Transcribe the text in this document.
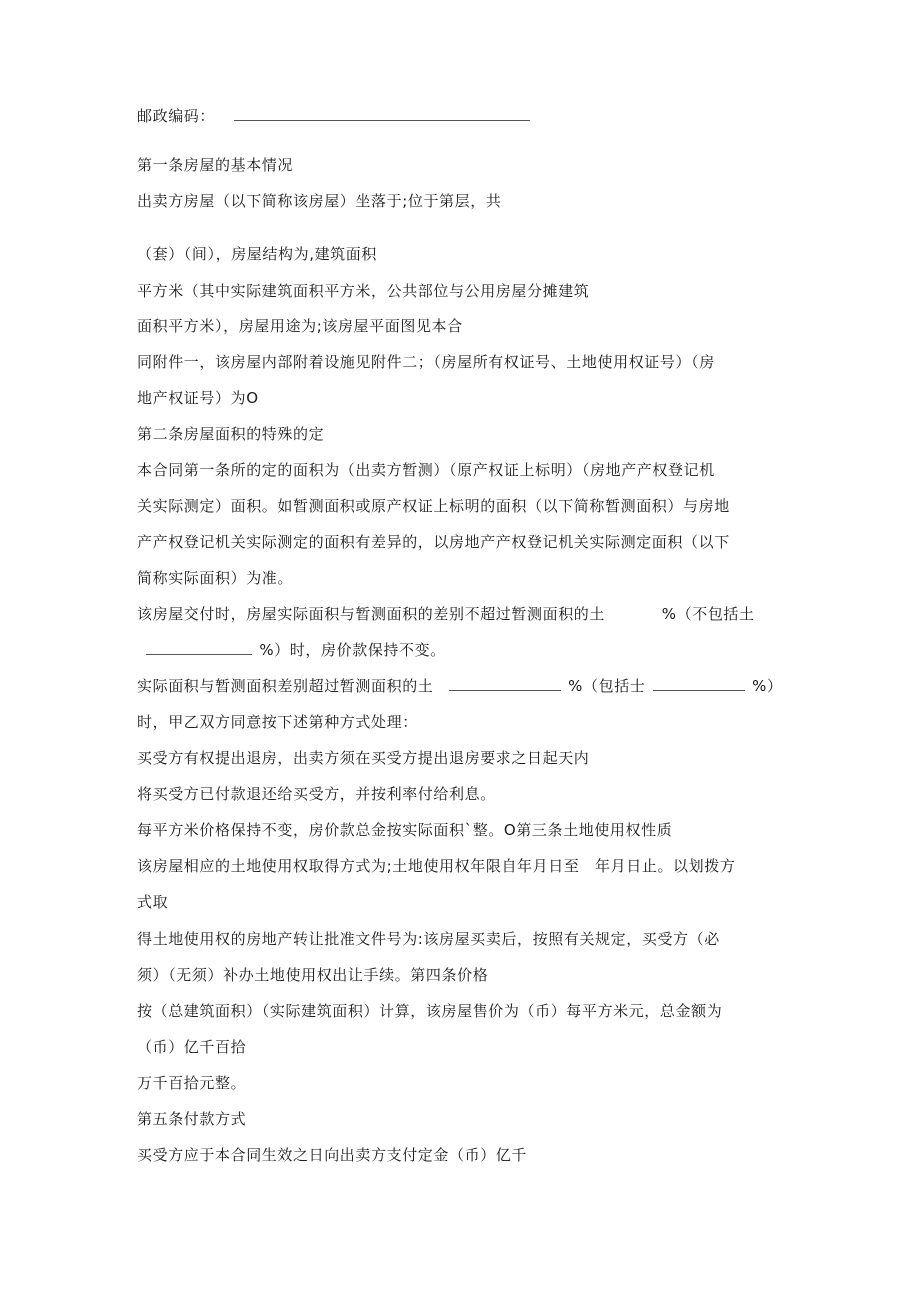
邮政编码：
第一条房屋的基本情况
出卖方房屋（以下简称该房屋）坐落于;位于第层，共
（套）（间），房屋结构为,建筑面积
平方米（其中实际建筑面积平方米，公共部位与公用房屋分摊建筑
面积平方米），房屋用途为;该房屋平面图见本合
同附件一，该房屋内部附着设施见附件二；（房屋所有权证号、土地使用权证号）（房
地产权证号）为O
第二条房屋面积的特殊的定
本合同第一条所的定的面积为（出卖方暂测）（原产权证上标明）（房地产产权登记机
关实际测定）面积。如暂测面积或原产权证上标明的面积（以下简称暂测面积）与房地
产产权登记机关实际测定的面积有差异的，以房地产产权登记机关实际测定面积（以下
简称实际面积）为准。
该房屋交付时，房屋实际面积与暂测面积的差别不超过暂测面积的土	%（不包括土
%）时，房价款保持不变。
实际面积与暂测面积差别超过暂测面积的土	%（包括士	%）
时，甲乙双方同意按下述第种方式处理：
买受方有权提出退房，出卖方须在买受方提出退房要求之日起天内
将买受方已付款退还给买受方，并按利率付给利息。
每平方米价格保持不变，房价款总金按实际面积`整。O第三条土地使用权性质
该房屋相应的土地使用权取得方式为;土地使用权年限自年月日至　年月日止。以划拨方
式取
得土地使用权的房地产转让批准文件号为:该房屋买卖后，按照有关规定，买受方（必
须）（无须）补办土地使用权出让手续。第四条价格
按（总建筑面积）（实际建筑面积）计算，该房屋售价为（币）每平方米元，总金额为
（币）亿千百拾
万千百拾元整。
第五条付款方式
买受方应于本合同生效之日向出卖方支付定金（币）亿千
